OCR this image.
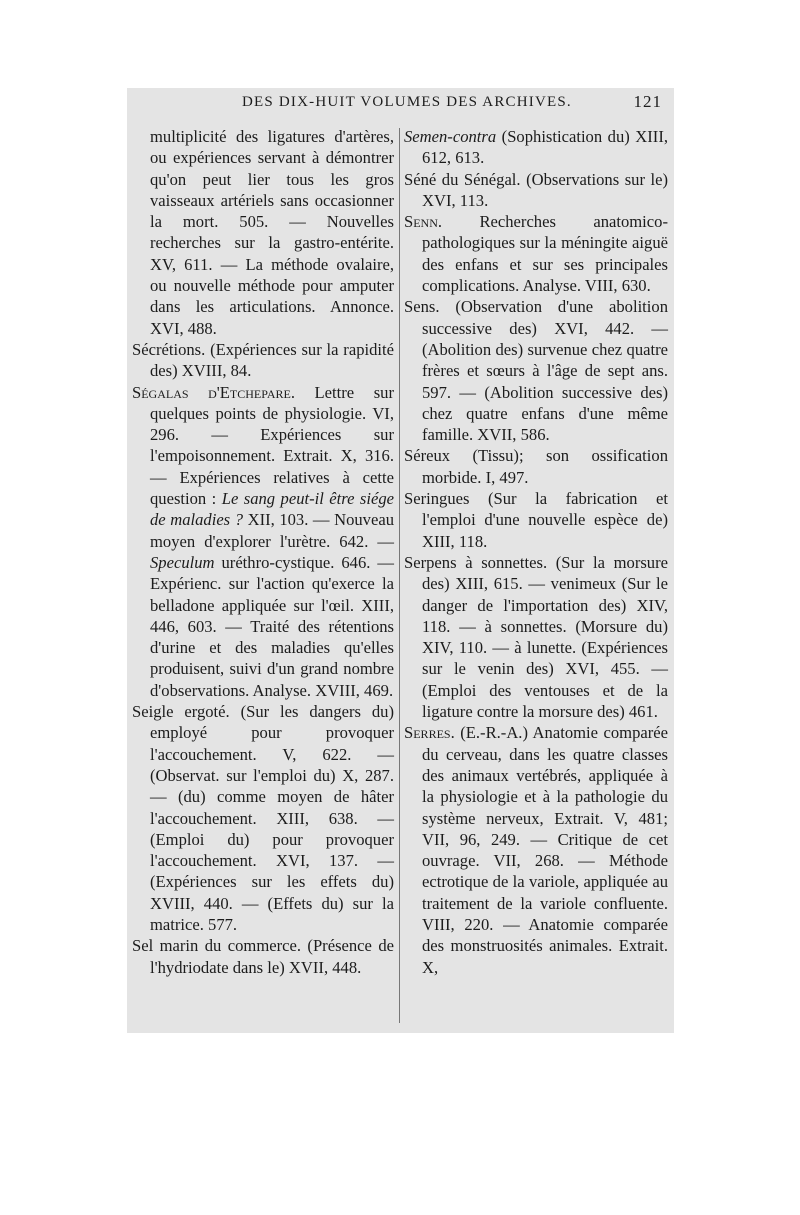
DES DIX-HUIT VOLUMES DES ARCHIVES.	121

multiplicité des ligatures d'artères, ou expériences servant à démontrer qu'on peut lier tous les gros vaisseaux artériels sans occasionner la mort. 505. — Nouvelles recherches sur la gastro-entérite. XV, 611. — La méthode ovalaire, ou nouvelle méthode pour amputer dans les articulations. Annonce. XVI, 488.

Sécrétions. (Expériences sur la rapidité des) XVIII, 84.

Ségalas d'Etchepare. Lettre sur quelques points de physiologie. VI, 296. — Expériences sur l'empoisonnement. Extrait. X, 316. — Expériences relatives à cette question : Le sang peut-il être siége de maladies ? XII, 103. — Nouveau moyen d'explorer l'urètre. 642. — Speculum uréthro-cystique. 646. — Expérienc. sur l'action qu'exerce la belladone appliquée sur l'œil. XIII, 446, 603. — Traité des rétentions d'urine et des maladies qu'elles produisent, suivi d'un grand nombre d'observations. Analyse. XVIII, 469.

Seigle ergoté. (Sur les dangers du) employé pour provoquer l'accouchement. V, 622. — (Observat. sur l'emploi du) X, 287. — (du) comme moyen de hâter l'accouchement. XIII, 638. — (Emploi du) pour provoquer l'accouchement. XVI, 137. — (Expériences sur les effets du) XVIII, 440. — (Effets du) sur la matrice. 577.

Sel marin du commerce. (Présence de l'hydriodate dans le) XVII, 448.

Semen-contra (Sophistication du) XIII, 612, 613.

Séné du Sénégal. (Observations sur le) XVI, 113.

Senn. Recherches anatomico-pathologiques sur la méningite aiguë des enfans et sur ses principales complications. Analyse. VIII, 630.

Sens. (Observation d'une abolition successive des) XVI, 442. — (Abolition des) survenue chez quatre frères et sœurs à l'âge de sept ans. 597. — (Abolition successive des) chez quatre enfans d'une même famille. XVII, 586.

Séreux (Tissu); son ossification morbide. I, 497.

Seringues (Sur la fabrication et l'emploi d'une nouvelle espèce de) XIII, 118.

Serpens à sonnettes. (Sur la morsure des) XIII, 615. — venimeux (Sur le danger de l'importation des) XIV, 118. — à sonnettes. (Morsure du) XIV, 110. — à lunette. (Expériences sur le venin des) XVI, 455. — (Emploi des ventouses et de la ligature contre la morsure des) 461.

Serres. (E.-R.-A.) Anatomie comparée du cerveau, dans les quatre classes des animaux vertébrés, appliquée à la physiologie et à la pathologie du système nerveux, Extrait. V, 481; VII, 96, 249. — Critique de cet ouvrage. VII, 268. — Méthode ectrotique de la variole, appliquée au traitement de la variole confluente. VIII, 220. — Anatomie comparée des monstruosités animales. Extrait. X,
